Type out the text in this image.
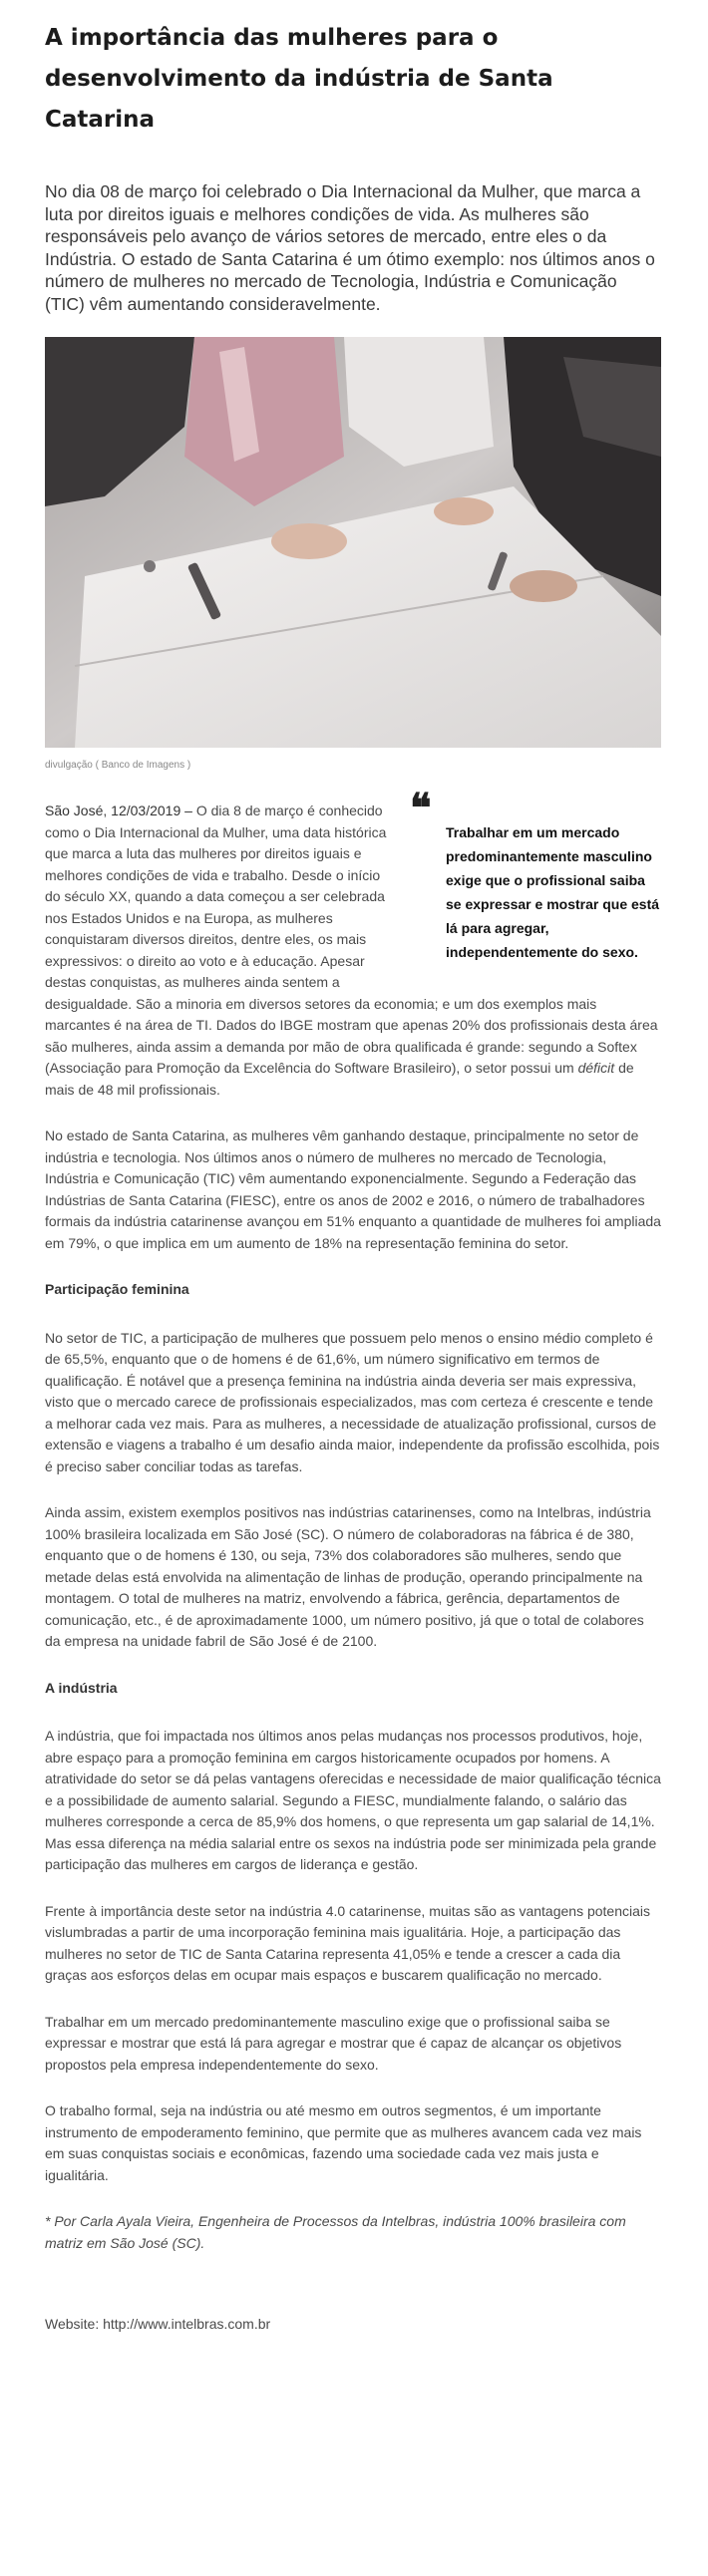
A importância das mulheres para o desenvolvimento da indústria de Santa Catarina

No dia 08 de março foi celebrado o Dia Internacional da Mulher, que marca a luta por direitos iguais e melhores condições de vida. As mulheres são responsáveis pelo avanço de vários setores de mercado, entre eles o da Indústria. O estado de Santa Catarina é um ótimo exemplo: nos últimos anos o número de mulheres no mercado de Tecnologia, Indústria e Comunicação (TIC) vêm aumentando consideravelmente.

divulgação ( Banco de Imagens )
❝
Trabalhar em um mercado predominantemente masculino exige que o profissional saiba se expressar e mostrar que está lá para agregar, independentemente do sexo.

São José, 12/03/2019 – O dia 8 de março é conhecido como o Dia Internacional da Mulher, uma data histórica que marca a luta das mulheres por direitos iguais e melhores condições de vida e trabalho. Desde o início do século XX, quando a data começou a ser celebrada nos Estados Unidos e na Europa, as mulheres conquistaram diversos direitos, dentre eles, os mais expressivos: o direito ao voto e à educação. Apesar destas conquistas, as mulheres ainda sentem a desigualdade. São a minoria em diversos setores da economia; e um dos exemplos mais marcantes é na área de TI. Dados do IBGE mostram que apenas 20% dos profissionais desta área são mulheres, ainda assim a demanda por mão de obra qualificada é grande: segundo a Softex (Associação para Promoção da Excelência do Software Brasileiro), o setor possui um déficit de mais de 48 mil profissionais.

No estado de Santa Catarina, as mulheres vêm ganhando destaque, principalmente no setor de indústria e tecnologia. Nos últimos anos o número de mulheres no mercado de Tecnologia, Indústria e Comunicação (TIC) vêm aumentando exponencialmente. Segundo a Federação das Indústrias de Santa Catarina (FIESC), entre os anos de 2002 e 2016, o número de trabalhadores formais da indústria catarinense avançou em 51% enquanto a quantidade de mulheres foi ampliada em 79%, o que implica em um aumento de 18% na representação feminina do setor.

Participação feminina

No setor de TIC, a participação de mulheres que possuem pelo menos o ensino médio completo é de 65,5%, enquanto que o de homens é de 61,6%, um número significativo em termos de qualificação. É notável que a presença feminina na indústria ainda deveria ser mais expressiva, visto que o mercado carece de profissionais especializados, mas com certeza é crescente e tende a melhorar cada vez mais. Para as mulheres, a necessidade de atualização profissional, cursos de extensão e viagens a trabalho é um desafio ainda maior, independente da profissão escolhida, pois é preciso saber conciliar todas as tarefas.

Ainda assim, existem exemplos positivos nas indústrias catarinenses, como na Intelbras, indústria 100% brasileira localizada em São José (SC). O número de colaboradoras na fábrica é de 380, enquanto que o de homens é 130, ou seja, 73% dos colaboradores são mulheres, sendo que metade delas está envolvida na alimentação de linhas de produção, operando principalmente na montagem. O total de mulheres na matriz, envolvendo a fábrica, gerência, departamentos de comunicação, etc., é de aproximadamente 1000, um número positivo, já que o total de colabores da empresa na unidade fabril de São José é de 2100.

A indústria

A indústria, que foi impactada nos últimos anos pelas mudanças nos processos produtivos, hoje, abre espaço para a promoção feminina em cargos historicamente ocupados por homens. A atratividade do setor se dá pelas vantagens oferecidas e necessidade de maior qualificação técnica e a possibilidade de aumento salarial. Segundo a FIESC, mundialmente falando, o salário das mulheres corresponde a cerca de 85,9% dos homens, o que representa um gap salarial de 14,1%. Mas essa diferença na média salarial entre os sexos na indústria pode ser minimizada pela grande participação das mulheres em cargos de liderança e gestão.

Frente à importância deste setor na indústria 4.0 catarinense, muitas são as vantagens potenciais vislumbradas a partir de uma incorporação feminina mais igualitária. Hoje, a participação das mulheres no setor de TIC de Santa Catarina representa 41,05% e tende a crescer a cada dia graças aos esforços delas em ocupar mais espaços e buscarem qualificação no mercado.

Trabalhar em um mercado predominantemente masculino exige que o profissional saiba se expressar e mostrar que está lá para agregar e mostrar que é capaz de alcançar os objetivos propostos pela empresa independentemente do sexo.

O trabalho formal, seja na indústria ou até mesmo em outros segmentos, é um importante instrumento de empoderamento feminino, que permite que as mulheres avancem cada vez mais em suas conquistas sociais e econômicas, fazendo uma sociedade cada vez mais justa e igualitária.

* Por Carla Ayala Vieira, Engenheira de Processos da Intelbras, indústria 100% brasileira com matriz em São José (SC).

Website: http://www.intelbras.com.br
